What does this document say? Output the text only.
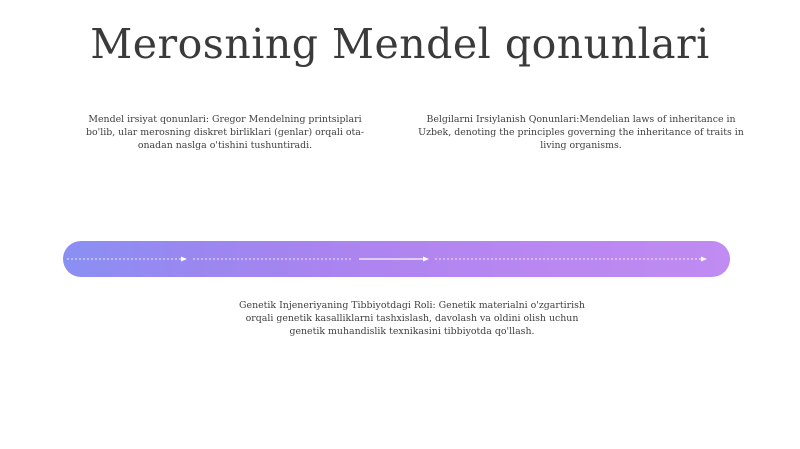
Merosning Mendel qonunlari
Mendel irsiyat qonunlari: Gregor Mendelning printsiplari bo'lib, ular merosning diskret birliklari (genlar) orqali ota-onadan naslga o'tishini tushuntiradi.
Belgilarni Irsiylanish Qonunlari:Mendelian laws of inheritance in Uzbek, denoting the principles governing the inheritance of traits in living organisms.
Genetik Injeneriyaning Tibbiyotdagi Roli: Genetik materialni o'zgartirish orqali genetik kasalliklarni tashxislash, davolash va oldini olish uchun genetik muhandislik texnikasini tibbiyotda qo'llash.
